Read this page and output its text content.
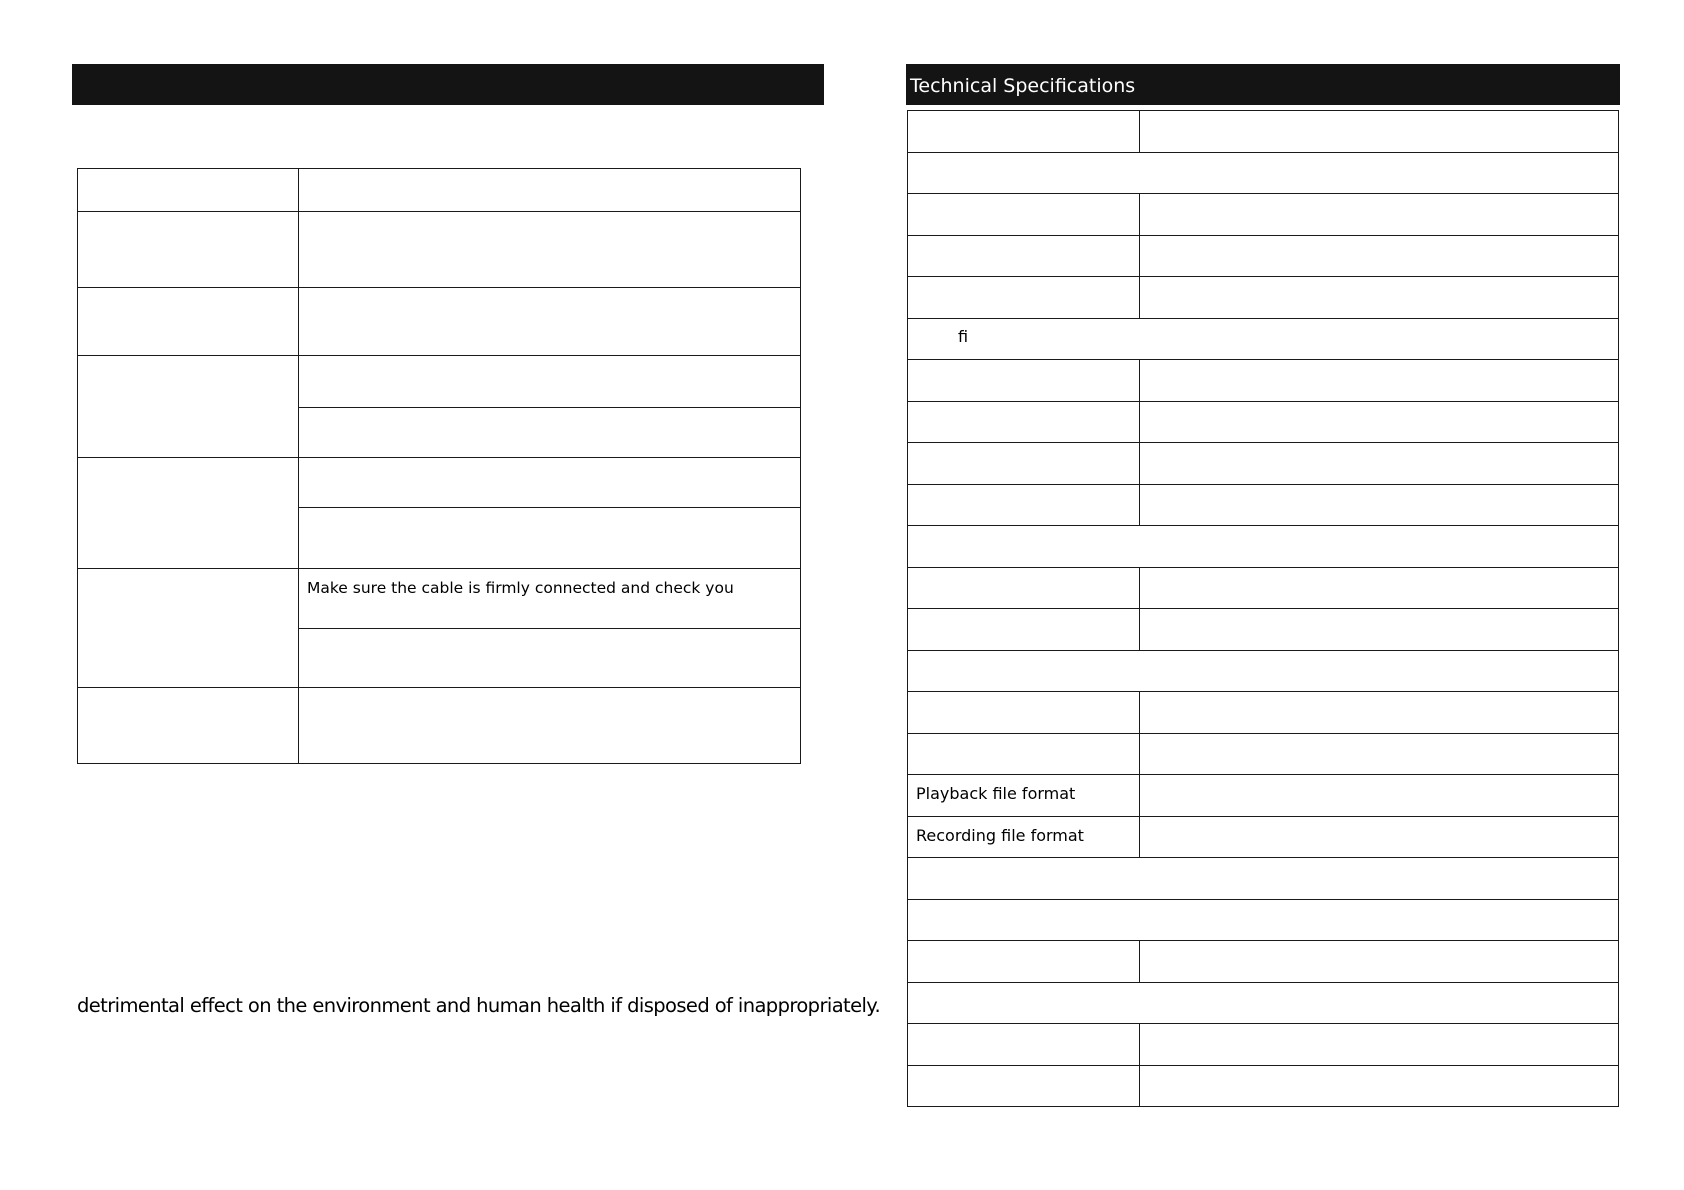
	Make sure the cable is firmly connected and check you

detrimental effect on the environment and human health if disposed of inappropriately.
Technical Specifications

ﬁ	

Playback file format	
Recording file format	
